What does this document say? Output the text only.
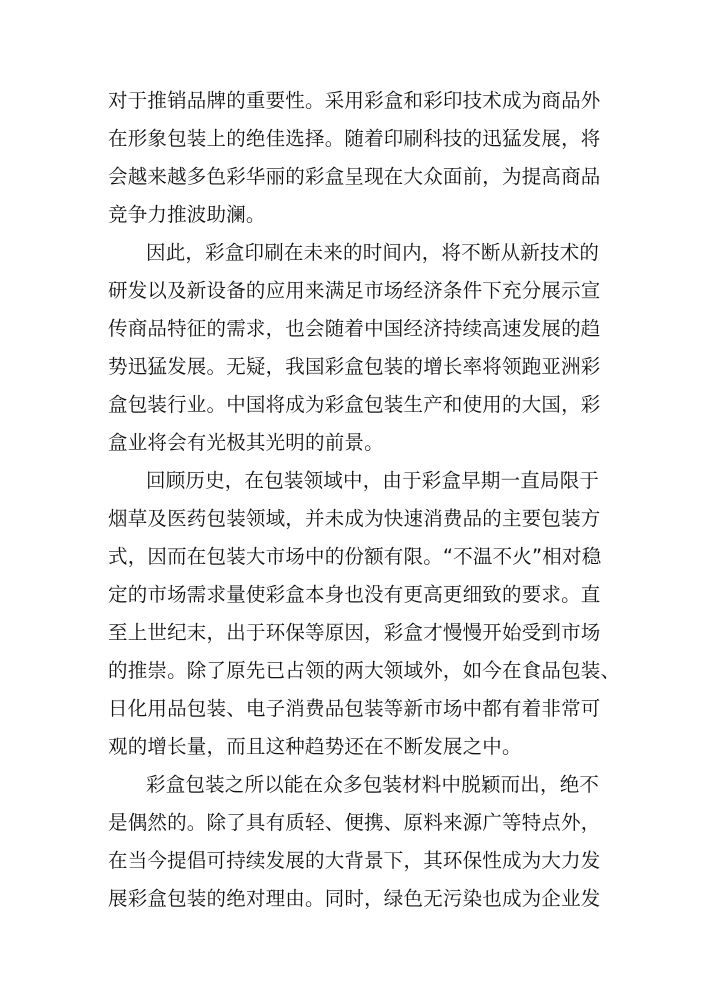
对于推销品牌的重要性。采用彩盒和彩印技术成为商品外
在形象包装上的绝佳选择。随着印刷科技的迅猛发展，将
会越来越多色彩华丽的彩盒呈现在大众面前，为提高商品
竞争力推波助澜。
因此，彩盒印刷在未来的时间内，将不断从新技术的
研发以及新设备的应用来满足市场经济条件下充分展示宣
传商品特征的需求，也会随着中国经济持续高速发展的趋
势迅猛发展。无疑，我国彩盒包装的增长率将领跑亚洲彩
盒包装行业。中国将成为彩盒包装生产和使用的大国，彩
盒业将会有光极其光明的前景。
回顾历史，在包装领域中，由于彩盒早期一直局限于
烟草及医药包装领域，并未成为快速消费品的主要包装方
式，因而在包装大市场中的份额有限。“不温不火”相对稳
定的市场需求量使彩盒本身也没有更高更细致的要求。直
至上世纪末，出于环保等原因，彩盒才慢慢开始受到市场
的推崇。除了原先已占领的两大领域外，如今在食品包装、
日化用品包装、电子消费品包装等新市场中都有着非常可
观的增长量，而且这种趋势还在不断发展之中。
彩盒包装之所以能在众多包装材料中脱颖而出，绝不
是偶然的。除了具有质轻、便携、原料来源广等特点外，
在当今提倡可持续发展的大背景下，其环保性成为大力发
展彩盒包装的绝对理由。同时，绿色无污染也成为企业发
